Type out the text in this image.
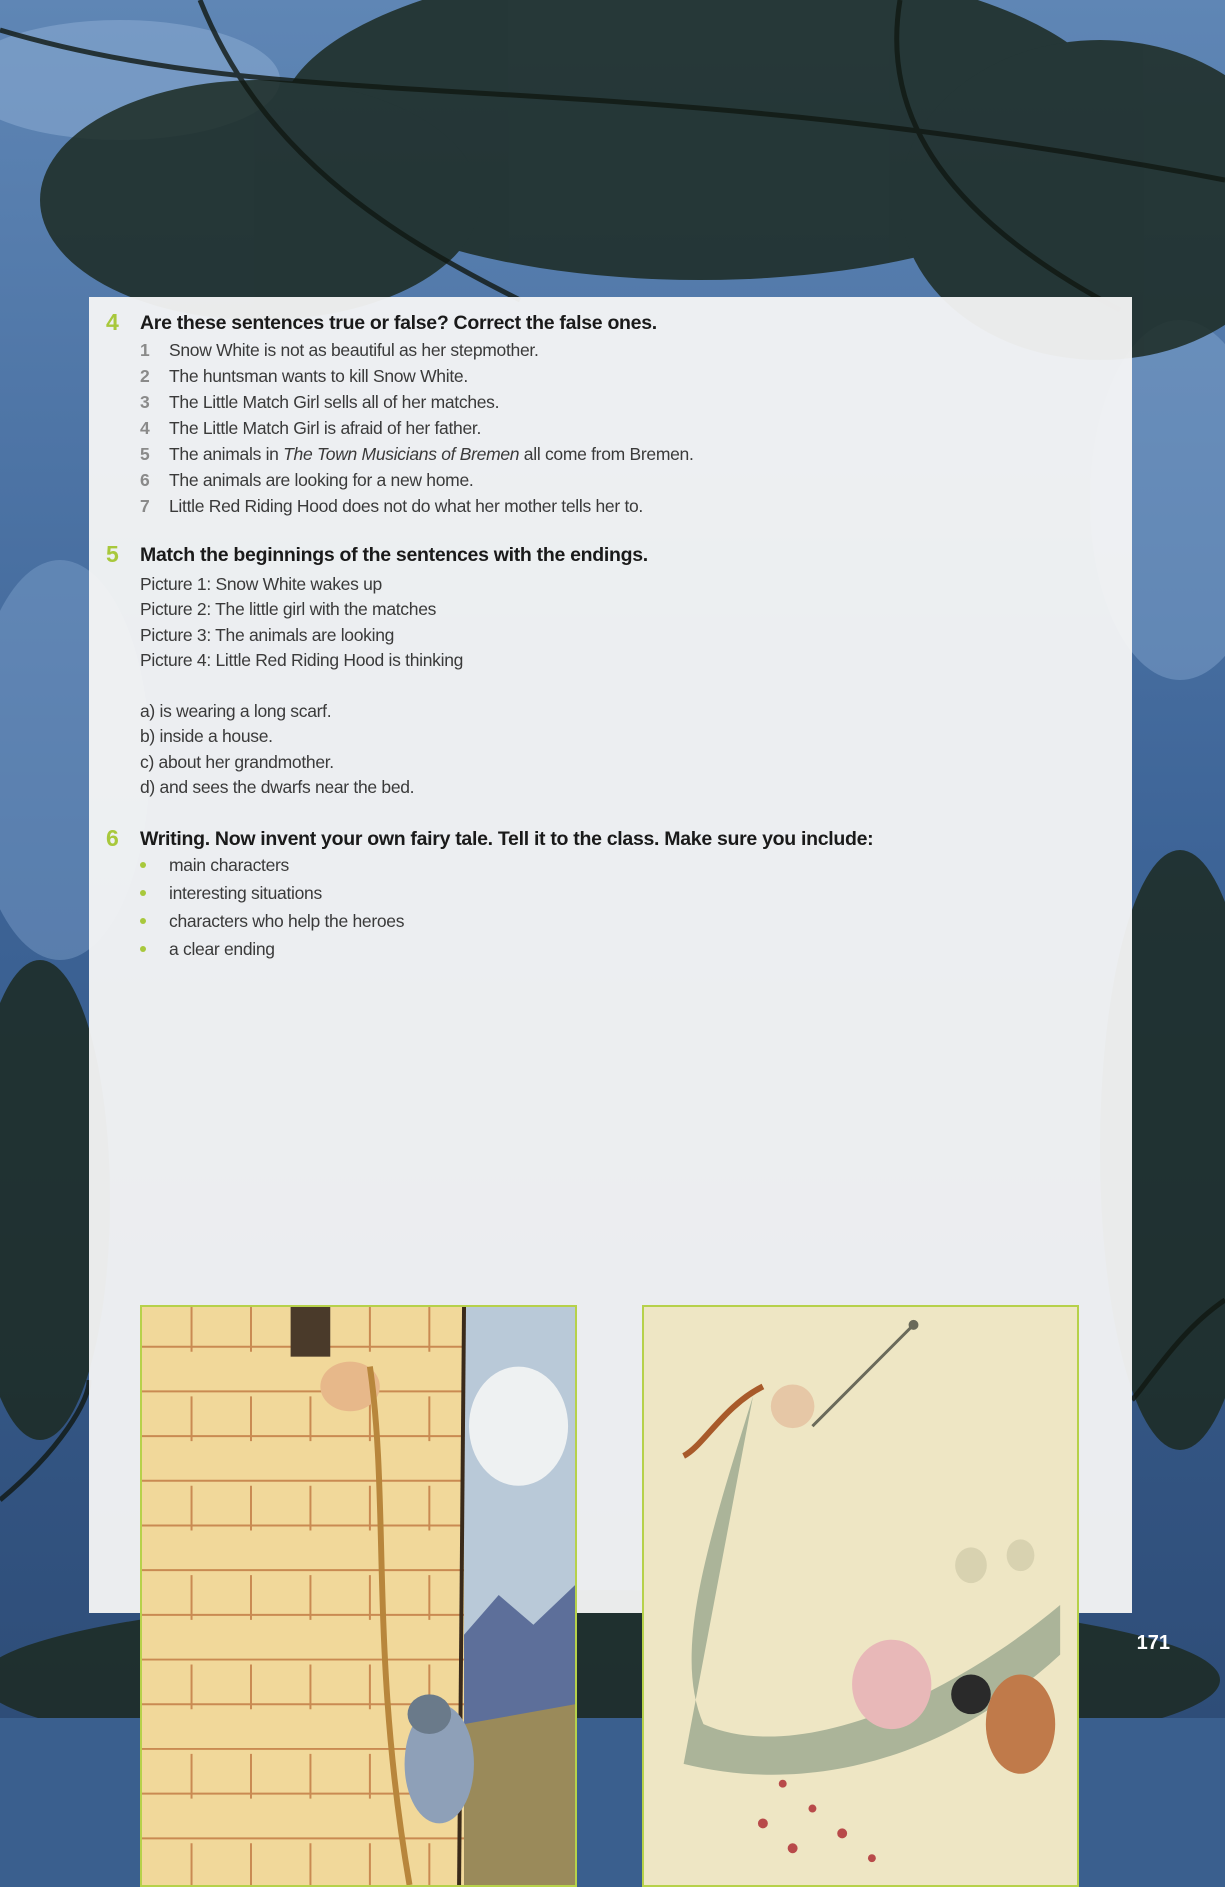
4	Are these sentences true or false? Correct the false ones.
1	Snow White is not as beautiful as her stepmother.
2	The huntsman wants to kill Snow White.
3	The Little Match Girl sells all of her matches.
4	The Little Match Girl is afraid of her father.
5	The animals in The Town Musicians of Bremen all come from Bremen.
6	The animals are looking for a new home.
7	Little Red Riding Hood does not do what her mother tells her to.
5	Match the beginnings of the sentences with the endings.
Picture 1: Snow White wakes up
Picture 2: The little girl with the matches
Picture 3: The animals are looking
Picture 4: Little Red Riding Hood is thinking
a) is wearing a long scarf.
b) inside a house.
c) about her grandmother.
d) and sees the dwarfs near the bed.
6	Writing. Now invent your own fairy tale. Tell it to the class. Make sure you include:
main characters
interesting situations
characters who help the heroes
a clear ending
171
